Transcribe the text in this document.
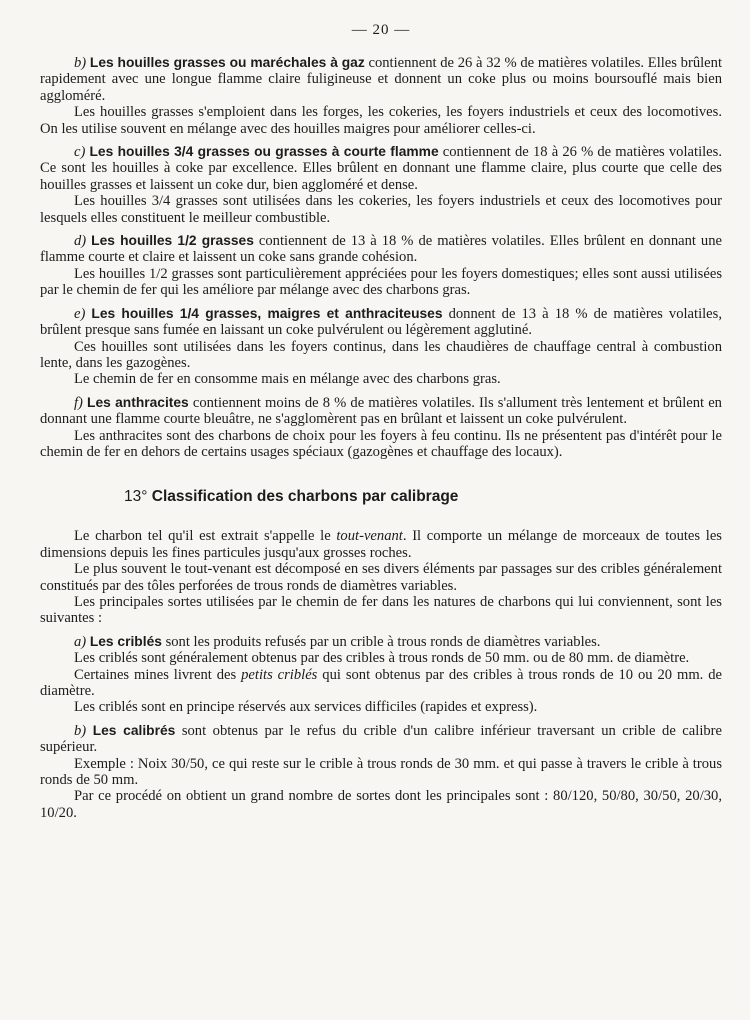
— 20 —

b) Les houilles grasses ou maréchales à gaz contiennent de 26 à 32 % de matières volatiles. Elles brûlent rapidement avec une longue flamme claire fuligineuse et donnent un coke plus ou moins boursouflé mais bien aggloméré.

Les houilles grasses s'emploient dans les forges, les cokeries, les foyers industriels et ceux des locomotives. On les utilise souvent en mélange avec des houilles maigres pour améliorer celles-ci.

c) Les houilles 3/4 grasses ou grasses à courte flamme contiennent de 18 à 26 % de matières volatiles. Ce sont les houilles à coke par excellence. Elles brûlent en donnant une flamme claire, plus courte que celle des houilles grasses et laissent un coke dur, bien aggloméré et dense.

Les houilles 3/4 grasses sont utilisées dans les cokeries, les foyers industriels et ceux des locomotives pour lesquels elles constituent le meilleur combustible.

d) Les houilles 1/2 grasses contiennent de 13 à 18 % de matières volatiles. Elles brûlent en donnant une flamme courte et claire et laissent un coke sans grande cohésion.

Les houilles 1/2 grasses sont particulièrement appréciées pour les foyers domestiques; elles sont aussi utilisées par le chemin de fer qui les améliore par mélange avec des charbons gras.

e) Les houilles 1/4 grasses, maigres et anthraciteuses donnent de 13 à 18 % de matières volatiles, brûlent presque sans fumée en laissant un coke pulvérulent ou légèrement agglutiné.

Ces houilles sont utilisées dans les foyers continus, dans les chaudières de chauffage central à combustion lente, dans les gazogènes.

Le chemin de fer en consomme mais en mélange avec des charbons gras.

f) Les anthracites contiennent moins de 8 % de matières volatiles. Ils s'allument très lentement et brûlent en donnant une flamme courte bleuâtre, ne s'agglomèrent pas en brûlant et laissent un coke pulvérulent.

Les anthracites sont des charbons de choix pour les foyers à feu continu. Ils ne présentent pas d'intérêt pour le chemin de fer en dehors de certains usages spéciaux (gazogènes et chauffage des locaux).

13° Classification des charbons par calibrage

Le charbon tel qu'il est extrait s'appelle le tout-venant. Il comporte un mélange de morceaux de toutes les dimensions depuis les fines particules jusqu'aux grosses roches.

Le plus souvent le tout-venant est décomposé en ses divers éléments par passages sur des cribles généralement constitués par des tôles perforées de trous ronds de diamètres variables.

Les principales sortes utilisées par le chemin de fer dans les natures de charbons qui lui conviennent, sont les suivantes :

a) Les criblés sont les produits refusés par un crible à trous ronds de diamètres variables.

Les criblés sont généralement obtenus par des cribles à trous ronds de 50 mm. ou de 80 mm. de diamètre.

Certaines mines livrent des petits criblés qui sont obtenus par des cribles à trous ronds de 10 ou 20 mm. de diamètre.

Les criblés sont en principe réservés aux services difficiles (rapides et express).

b) Les calibrés sont obtenus par le refus du crible d'un calibre inférieur traversant un crible de calibre supérieur.

Exemple : Noix 30/50, ce qui reste sur le crible à trous ronds de 30 mm. et qui passe à travers le crible à trous ronds de 50 mm.

Par ce procédé on obtient un grand nombre de sortes dont les principales sont : 80/120, 50/80, 30/50, 20/30, 10/20.
